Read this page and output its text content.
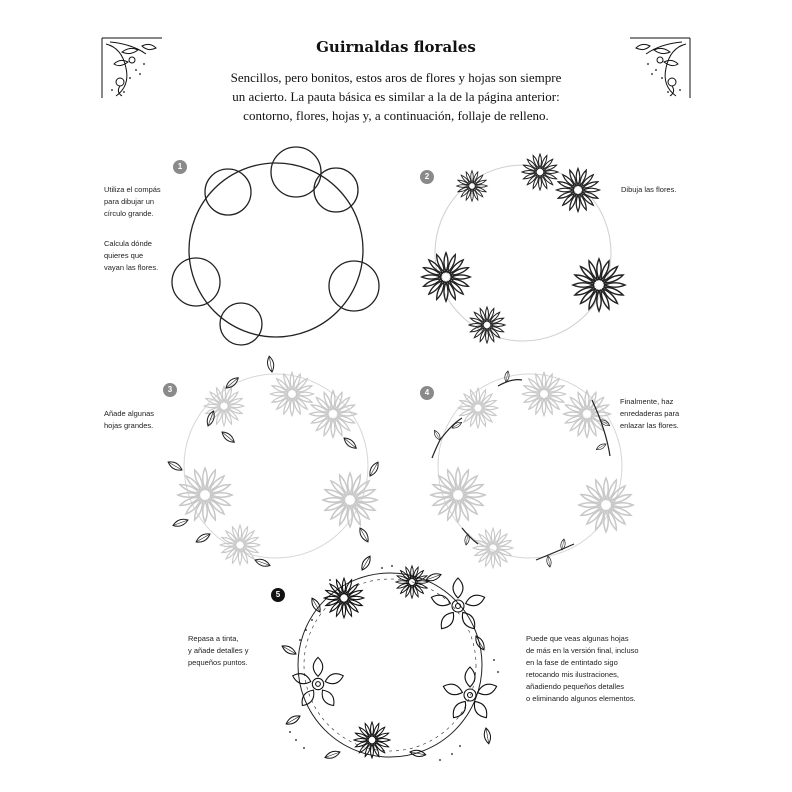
Guirnaldas florales
Sencillos, pero bonitos, estos aros de flores y hojas son siempre
un acierto. La pauta básica es similar a la de la página anterior:
contorno, flores, hojas y, a continuación, follaje de relleno.
1
Utiliza el compás
para dibujar un
círculo grande.
Calcula dónde
quieres que
vayan las flores.
2
Dibuja las flores.
3
Añade algunas
hojas grandes.
4
Finalmente, haz
enredaderas para
enlazar las flores.
5
Repasa a tinta,
y añade detalles y
pequeños puntos.
Puede que veas algunas hojas
de más en la versión final, incluso
en la fase de entintado sigo
retocando mis ilustraciones,
añadiendo pequeños detalles
o eliminando algunos elementos.
